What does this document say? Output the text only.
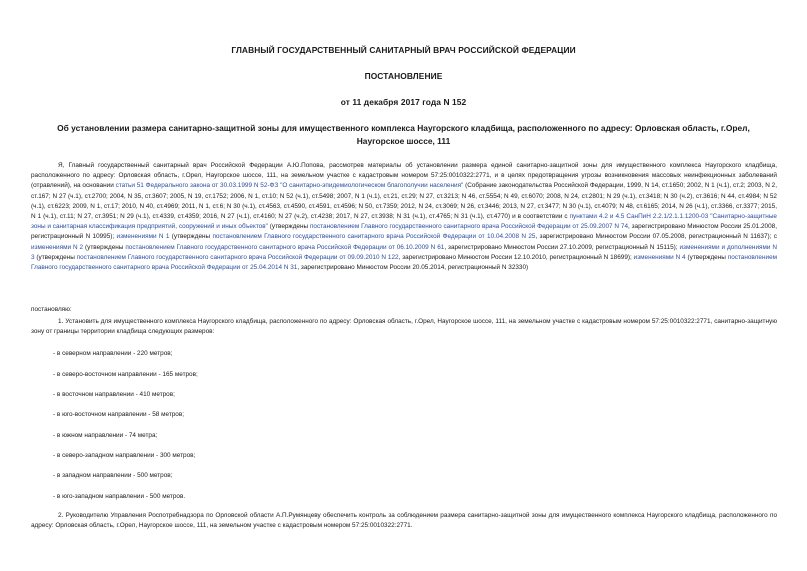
ГЛАВНЫЙ ГОСУДАРСТВЕННЫЙ САНИТАРНЫЙ ВРАЧ РОССИЙСКОЙ ФЕДЕРАЦИИ
ПОСТАНОВЛЕНИЕ
от 11 декабря 2017 года N 152
Об установлении размера санитарно-защитной зоны для имущественного комплекса Наугорского кладбища, расположенного по адресу: Орловская область, г.Орел, Наугорское шоссе, 111
Я, Главный государственный санитарный врач Российской Федерации А.Ю.Попова, рассмотрев материалы об установлении размера единой санитарно-защитной зоны для имущественного комплекса Наугорского кладбища, расположенного по адресу: Орловская область, г.Орел, Наугорское шоссе, 111, на земельном участке с кадастровым номером 57:25:0010322:2771, и в целях предотвращения угрозы возникновения массовых неинфекционных заболеваний (отравлений), на основании статьи 51 Федерального закона от 30.03.1999 N 52-ФЗ "О санитарно-эпидемиологическом благополучии населения" (Собрание законодательства Российской Федерации, 1999, N 14, ст.1650; 2002, N 1 (ч.1), ст.2; 2003, N 2, ст.167; N 27 (ч.1), ст.2700; 2004, N 35, ст.3607; 2005, N 19, ст.1752; 2006, N 1, ст.10; N 52 (ч.1), ст.5498; 2007, N 1 (ч.1), ст.21, ст.29; N 27, ст.3213; N 46, ст.5554; N 49, ст.6070; 2008, N 24, ст.2801; N 29 (ч.1), ст.3418; N 30 (ч.2), ст.3616; N 44, ст.4984; N 52 (ч.1), ст.6223; 2009, N 1, ст.17; 2010, N 40, ст.4969; 2011, N 1, ст.6; N 30 (ч.1), ст.4563, ст.4590, ст.4591, ст.4596; N 50, ст.7359; 2012, N 24, ст.3069; N 26, ст.3446; 2013, N 27, ст.3477; N 30 (ч.1), ст.4079; N 48, ст.6165; 2014, N 26 (ч.1), ст.3366, ст.3377; 2015, N 1 (ч.1), ст.11; N 27, ст.3951; N 29 (ч.1), ст.4339, ст.4359; 2016, N 27 (ч.1), ст.4160; N 27 (ч.2), ст.4238; 2017, N 27, ст.3938; N 31 (ч.1), ст.4765; N 31 (ч.1), ст.4770) и в соответствии с пунктами 4.2 и 4.5 СанПиН 2.2.1/2.1.1.1200-03 "Санитарно-защитные зоны и санитарная классификация предприятий, сооружений и иных объектов" (утверждены постановлением Главного государственного санитарного врача Российской Федерации от 25.09.2007 N 74, зарегистрировано Минюстом России 25.01.2008, регистрационный N 10995); изменениями N 1 (утверждены постановлением Главного государственного санитарного врача Российской Федерации от 10.04.2008 N 25, зарегистрировано Минюстом России 07.05.2008, регистрационный N 11637); с изменениями N 2 (утверждены постановлением Главного государственного санитарного врача Российской Федерации от 06.10.2009 N 61, зарегистрировано Минюстом России 27.10.2009, регистрационный N 15115); изменениями и дополнениями N 3 (утверждены постановлением Главного государственного санитарного врача Российской Федерации от 09.09.2010 N 122, зарегистрировано Минюстом России 12.10.2010, регистрационный N 18699); изменениями N 4 (утверждены постановлением Главного государственного санитарного врача Российской Федерации от 25.04.2014 N 31, зарегистрировано Минюстом России 20.05.2014, регистрационный N 32330)
постановляю:
1. Установить для имущественного комплекса Наугорского кладбища, расположенного по адресу: Орловская область, г.Орел, Наугорское шоссе, 111, на земельном участке с кадастровым номером 57:25:0010322:2771, санитарно-защитную зону от границы территории кладбища следующих размеров:
- в северном направлении - 220 метров;
- в северо-восточном направлении - 165 метров;
- в восточном направлении - 410 метров;
- в юго-восточном направлении - 58 метров;
- в южном направлении - 74 метра;
- в северо-западном направлении - 300 метров;
- в западном направлении - 500 метров;
- в юго-западном направлении - 500 метров.
2. Руководителю Управления Роспотребнадзора по Орловской области А.П.Румянцеву обеспечить контроль за соблюдением размера санитарно-защитной зоны для имущественного комплекса Наугорского кладбища, расположенного по адресу: Орловская область, г.Орел, Наугорское шоссе, 111, на земельном участке с кадастровым номером 57:25:0010322:2771.
